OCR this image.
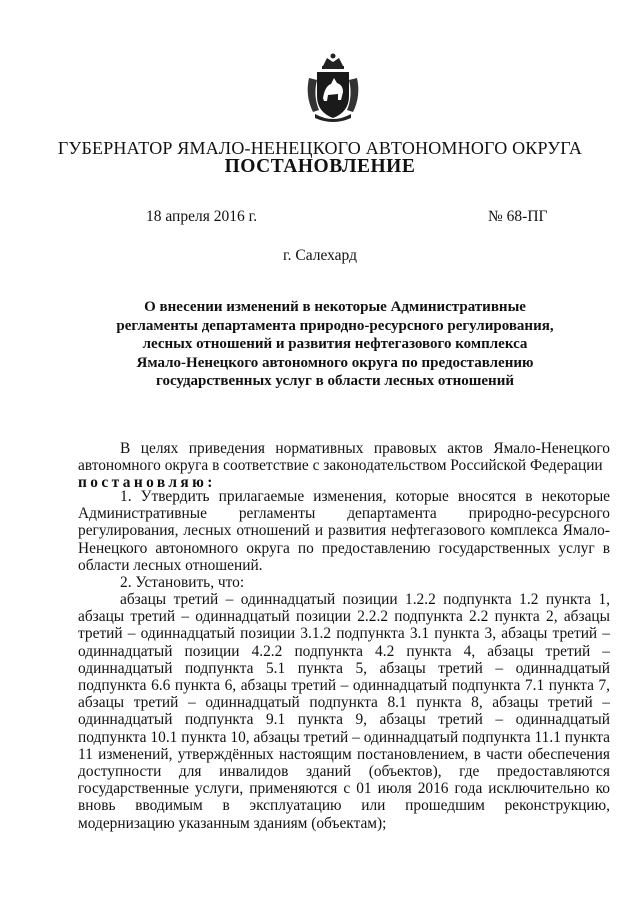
ГУБЕРНАТОР ЯМАЛО-НЕНЕЦКОГО АВТОНОМНОГО ОКРУГА
ПОСТАНОВЛЕНИЕ
18 апреля 2016 г.	№ 68-ПГ
г. Салехард
О внесении изменений в некоторые Административные
регламенты департамента природно-ресурсного регулирования,
лесных отношений и развития нефтегазового комплекса
Ямало-Ненецкого автономного округа по предоставлению
государственных услуг в области лесных отношений

В целях приведения нормативных правовых актов Ямало-Ненецкого автономного округа в соответствие с законодательством Российской Федерации

постановляю:

1. Утвердить прилагаемые изменения, которые вносятся в некоторые Административные регламенты департамента природно-ресурсного регулирования, лесных отношений и развития нефтегазового комплекса Ямало-Ненецкого автономного округа по предоставлению государственных услуг в области лесных отношений.

2. Установить, что:

абзацы третий – одиннадцатый позиции 1.2.2 подпункта 1.2 пункта 1, абзацы третий – одиннадцатый позиции 2.2.2 подпункта 2.2 пункта 2, абзацы третий – одиннадцатый позиции 3.1.2 подпункта 3.1 пункта 3, абзацы третий – одиннадцатый позиции 4.2.2 подпункта 4.2 пункта 4, абзацы третий – одиннадцатый подпункта 5.1 пункта 5, абзацы третий – одиннадцатый подпункта 6.6 пункта 6, абзацы третий – одиннадцатый подпункта 7.1 пункта 7, абзацы третий – одиннадцатый подпункта 8.1 пункта 8, абзацы третий – одиннадцатый подпункта 9.1 пункта 9, абзацы третий – одиннадцатый подпункта 10.1 пункта 10, абзацы третий – одиннадцатый подпункта 11.1 пункта 11 изменений, утверждённых настоящим постановлением, в части обеспечения доступности для инвалидов зданий (объектов), где предоставляются государственные услуги, применяются с 01 июля 2016 года исключительно ко вновь вводимым в эксплуатацию или прошедшим реконструкцию, модернизацию указанным зданиям (объектам);
